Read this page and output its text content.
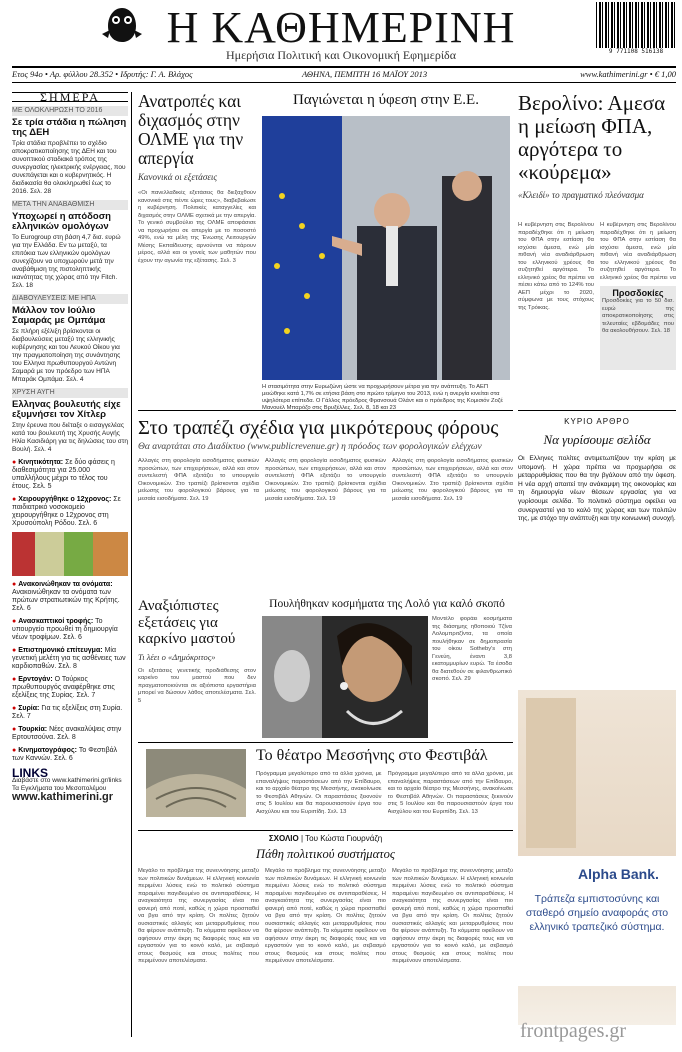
Η ΚΑΘΗΜΕΡΙΝΗ
Ημερήσια Πολιτική και Οικονομική Εφημερίδα	9 771108 516138
Ετος 94ο • Αρ. φύλλου 28.352 • Ιδρυτής: Γ. Α. Βλάχος	ΑΘΗΝΑ, ΠΕΜΠΤΗ 16 ΜΑΪΟΥ 2013	www.kathimerini.gr • € 1,00
ΣΗΜΕΡΑ
ΜΕ ΟΛΟΚΛΗΡΩΣΗ ΤΟ 2016
Σε τρία στάδια η πώληση της ΔΕΗ
Τρία στάδια προβλέπει το σχέδιο αποκρατικοποίησης της ΔΕΗ και του συνοπτικού σταδιακά τρόπος της συνεργασίας ηλεκτρικής ενέργειας, που συνεπάγεται και ο κυβερνητικός. Η διαδικασία θα ολοκληρωθεί έως το 2016. Σελ. 28
ΜΕΤΑ ΤΗΝ ΑΝΑΒΑΘΜΙΣΗ
Υποχωρεί η απόδοση ελληνικών ομολόγων
Το Eurogroup στη βάση 4,7 δισ. ευρώ για την Ελλάδα. Εν τω μεταξύ, τα επιτόκια των ελληνικών ομολόγων συνεχίζουν να υποχωρούν μετά την αναβάθμιση της πιστοληπτικής ικανότητας της χώρας από την Fitch. Σελ. 18
ΔΙΑΒΟΥΛΕΥΣΕΙΣ ΜΕ ΗΠΑ
Μάλλον τον Ιούλιο Σαμαράς με Ομπάμα
Σε πλήρη εξέλιξη βρίσκονται οι διαβουλεύσεις μεταξύ της ελληνικής κυβέρνησης και του Λευκού Οίκου για την πραγματοποίηση της συνάντησης του Ελληνα πρωθυπουργού Αντώνη Σαμαρά με τον πρόεδρο των ΗΠΑ Μπαράκ Ομπάμα. Σελ. 4
ΧΡΥΣΗ ΑΥΓΗ
Ελληνας βουλευτής είχε εξυμνήσει τον Χίτλερ
Στην έρευνα που διέταξε ο εισαγγελέας κατά του βουλευτή της Χρυσής Αυγής Ηλία Κασιδιάρη για τις δηλώσεις του στη Βουλή. Σελ. 4
● Κινητικότητα: Σε δύο φάσεις η διαθεσιμότητα για 25.000 υπαλλήλους μέχρι το τέλος του έτους. Σελ. 5
● Χειρουργήθηκε ο 12χρονος: Σε παιδιατρικό νοσοκομείο χειρουργήθηκε ο 12χρονος στη Χρυσούπολη Ρόδου. Σελ. 6
● Ανακοινώθηκαν τα ονόματα: Ανακοινώθηκαν τα ονόματα των πρώτων στρατιωτικών της Κρήτης. Σελ. 6
● Ανασκαπτικοί τροφής: Το υπουργείο προωθεί τη δημιουργία νέων τροφίμων. Σελ. 6
● Επιστημονικό επίτευγμα: Μία γενετική μελέτη για τις ασθένειες των καρδιοπαθών. Σελ. 8
● Ερντογάν: Ο Τούρκος πρωθυπουργός αναφέρθηκε στις εξελίξεις της Συρίας. Σελ. 7
● Συρία: Για τις εξελίξεις στη Συρία. Σελ. 7
● Τουρκία: Νέες ανακαλύψεις στην Ερτουτσούνα. Σελ. 8
● Κινηματογράφος: Το Φεστιβάλ των Καννών. Σελ. 6
LINKS
Διαβάστε στο www.kathimerini.gr/links
Τα Εγκλήματα του Μεσοπολέμου
www.kathimerini.gr
Ανατροπές και διχασμός στην ΟΛΜΕ για την απεργία
Κανονικά οι εξετάσεις
«Οι πανελλαδικές εξετάσεις θα διεξαχθούν κανονικά στις πέντε ώρες τους», διαβεβαίωσε η κυβέρνηση. Πολιτικές καταγγελίες και διχασμός στην ΟΛΜΕ σχετικά με την απεργία. Το γενικό συμβούλιο της ΟΛΜΕ αποφάσισε να προχωρήσει σε απεργία με το ποσοστό 49%, ενώ τα μέλη της Ένωσης Λειτουργών Μέσης Εκπαίδευσης αρνούνται να πάρουν μέρος, αλλά και οι γονείς των μαθητών που έχουν την αγωνία της εξέτασης. Σελ. 3
Παγιώνεται η ύφεση στην Ε.Ε.
Η στασιμότητα στην Ευρωζώνη ώστε να προχωρήσουν μέτρα για την ανάπτυξη. Το ΑΕΠ μειώθηκε κατά 1,7% σε ετήσια βάση στο πρώτο τρίμηνο του 2013, ενώ η ανεργία κινείται στα υψηλότερα επίπεδα. Ο Γάλλος πρόεδρος Φρανσουά Ολάντ και ο πρόεδρος της Κομισιόν Ζοζέ Μανουέλ Μπαρόζο στις Βρυξέλλες. Σελ. 8, 18 και 23
Βερολίνο: Αμεσα η μείωση ΦΠΑ, αργότερα το «κούρεμα»
«Κλειδί» το πραγματικό πλεόνασμα
Η κυβέρνηση στις Βερολίνου παραδέχθηκε ότι η μείωση του ΦΠΑ στην εστίαση θα ισχύσει άμεσα, ενώ μία πιθανή νέα αναδιάρθρωση του ελληνικού χρέους θα συζητηθεί αργότερα. Το ελληνικό χρέος θα πρέπει να πέσει κάτω από το 124% του ΑΕΠ μέχρι το 2020, σύμφωνα με τους στόχους της Τρόικας.
Η κυβέρνηση στις Βερολίνου παραδέχθηκε ότι η μείωση του ΦΠΑ στην εστίαση θα ισχύσει άμεσα, ενώ μία πιθανή νέα αναδιάρθρωση του ελληνικού χρέους θα συζητηθεί αργότερα. Το ελληνικό χρέος θα πρέπει να
Προσδοκίες
Προσδοκίες για το 50 δισ. ευρώ της αποκρατικοποίησης στις τελευταίες εβδομάδες που θα ακολουθήσουν. Σελ. 18
Στο τραπέζι σχέδια για μικρότερους φόρους
Θα αναρτάται στο Διαδίκτυο (www.publicrevenue.gr) η πρόοδος των φορολογικών ελέγχων
Αλλαγές στη φορολογία εισοδήματος φυσικών προσώπων, των επιχειρήσεων, αλλά και στον συντελεστή ΦΠΑ εξετάζει το υπουργείο Οικονομικών. Στο τραπέζι βρίσκονται σχέδια μείωσης του φορολογικού βάρους για τα μεσαία εισοδήματα. Σελ. 19
Αλλαγές στη φορολογία εισοδήματος φυσικών προσώπων, των επιχειρήσεων, αλλά και στον συντελεστή ΦΠΑ εξετάζει το υπουργείο Οικονομικών. Στο τραπέζι βρίσκονται σχέδια μείωσης του φορολογικού βάρους για τα μεσαία εισοδήματα. Σελ. 19
Αλλαγές στη φορολογία εισοδήματος φυσικών προσώπων, των επιχειρήσεων, αλλά και στον συντελεστή ΦΠΑ εξετάζει το υπουργείο Οικονομικών. Στο τραπέζι βρίσκονται σχέδια μείωσης του φορολογικού βάρους για τα μεσαία εισοδήματα. Σελ. 19
ΚΥΡΙΟ ΑΡΘΡΟ
Να γυρίσουμε σελίδα
Οι Ελληνες πολίτες αντιμετωπίζουν την κρίση με υπομονή. Η χώρα πρέπει να προχωρήσει σε μεταρρυθμίσεις που θα την βγάλουν από την ύφεση. Η νέα αρχή απαιτεί την ανάκαμψη της οικονομίας και τη δημιουργία νέων θέσεων εργασίας για να γυρίσουμε σελίδα. Το πολιτικό σύστημα οφείλει να συνεργαστεί για το καλό της χώρας και των πολιτών της, με στόχο την ανάπτυξη και την κοινωνική συνοχή.
Αναξιόπιστες εξετάσεις για καρκίνο μαστού
Τι λέει ο «Δημόκριτος»
Οι εξετάσεις γενετικής προδιάθεσης στον καρκίνο του μαστού που δεν πραγματοποιούνται σε αξιόπιστα εργαστήρια μπορεί να δώσουν λάθος αποτελέσματα. Σελ. 5
Πουλήθηκαν κοσμήματα της Λολό για καλό σκοπό
Μοντέλο φοράει κοσμήματα της διάσημης ηθοποιού Τζίνα Λολομπριτζίντα, τα οποία πουλήθηκαν σε δημοπρασία του οίκου Sotheby's στη Γενεύη, έναντι 3,8 εκατομμυρίων ευρώ. Τα έσοδα θα διατεθούν σε φιλανθρωπικό σκοπό. Σελ. 29
Alpha Bank.
Τράπεζα εμπιστοσύνης και σταθερό σημείο αναφοράς στο ελληνικό τραπεζικό σύστημα.
Το θέατρο Μεσσήνης στο Φεστιβάλ
Πρόγραμμα μεγαλύτερο από τα άλλα χρόνια, με επαναλήψεις παραστάσεων από την Επίδαυρο, και το αρχαίο θέατρο της Μεσσήνης, ανακοίνωσε το Φεστιβάλ Αθηνών. Οι παραστάσεις ξεκινούν στις 5 Ιουλίου και θα παρουσιαστούν έργα του Αισχύλου και του Ευριπίδη. Σελ. 13
Πρόγραμμα μεγαλύτερο από τα άλλα χρόνια, με επαναλήψεις παραστάσεων από την Επίδαυρο, και το αρχαίο θέατρο της Μεσσήνης, ανακοίνωσε το Φεστιβάλ Αθηνών. Οι παραστάσεις ξεκινούν στις 5 Ιουλίου και θα παρουσιαστούν έργα του Αισχύλου και του Ευριπίδη. Σελ. 13
ΣΧΟΛΙΟ | Του Κώστα Γιουρνάζη
Πάθη πολιτικού συστήματος
Μεγάλο το πρόβλημα της συνεννόησης μεταξύ των πολιτικών δυνάμεων. Η ελληνική κοινωνία περιμένει λύσεις ενώ το πολιτικό σύστημα παραμένει παγιδευμένο σε αντιπαραθέσεις. Η αναγκαιότητα της συνεργασίας είναι πιο φανερή από ποτέ, καθώς η χώρα προσπαθεί να βγει από την κρίση. Οι πολίτες ζητούν ουσιαστικές αλλαγές και μεταρρυθμίσεις που θα φέρουν ανάπτυξη. Τα κόμματα οφείλουν να αφήσουν στην άκρη τις διαφορές τους και να εργαστούν για το κοινό καλό, με σεβασμό στους θεσμούς και στους πολίτες που περιμένουν αποτελέσματα.
Μεγάλο το πρόβλημα της συνεννόησης μεταξύ των πολιτικών δυνάμεων. Η ελληνική κοινωνία περιμένει λύσεις ενώ το πολιτικό σύστημα παραμένει παγιδευμένο σε αντιπαραθέσεις. Η αναγκαιότητα της συνεργασίας είναι πιο φανερή από ποτέ, καθώς η χώρα προσπαθεί να βγει από την κρίση. Οι πολίτες ζητούν ουσιαστικές αλλαγές και μεταρρυθμίσεις που θα φέρουν ανάπτυξη. Τα κόμματα οφείλουν να αφήσουν στην άκρη τις διαφορές τους και να εργαστούν για το κοινό καλό, με σεβασμό στους θεσμούς και στους πολίτες που περιμένουν αποτελέσματα.
Μεγάλο το πρόβλημα της συνεννόησης μεταξύ των πολιτικών δυνάμεων. Η ελληνική κοινωνία περιμένει λύσεις ενώ το πολιτικό σύστημα παραμένει παγιδευμένο σε αντιπαραθέσεις. Η αναγκαιότητα της συνεργασίας είναι πιο φανερή από ποτέ, καθώς η χώρα προσπαθεί να βγει από την κρίση. Οι πολίτες ζητούν ουσιαστικές αλλαγές και μεταρρυθμίσεις που θα φέρουν ανάπτυξη. Τα κόμματα οφείλουν να αφήσουν στην άκρη τις διαφορές τους και να εργαστούν για το κοινό καλό, με σεβασμό στους θεσμούς και στους πολίτες που περιμένουν αποτελέσματα.
frontpages.gr
